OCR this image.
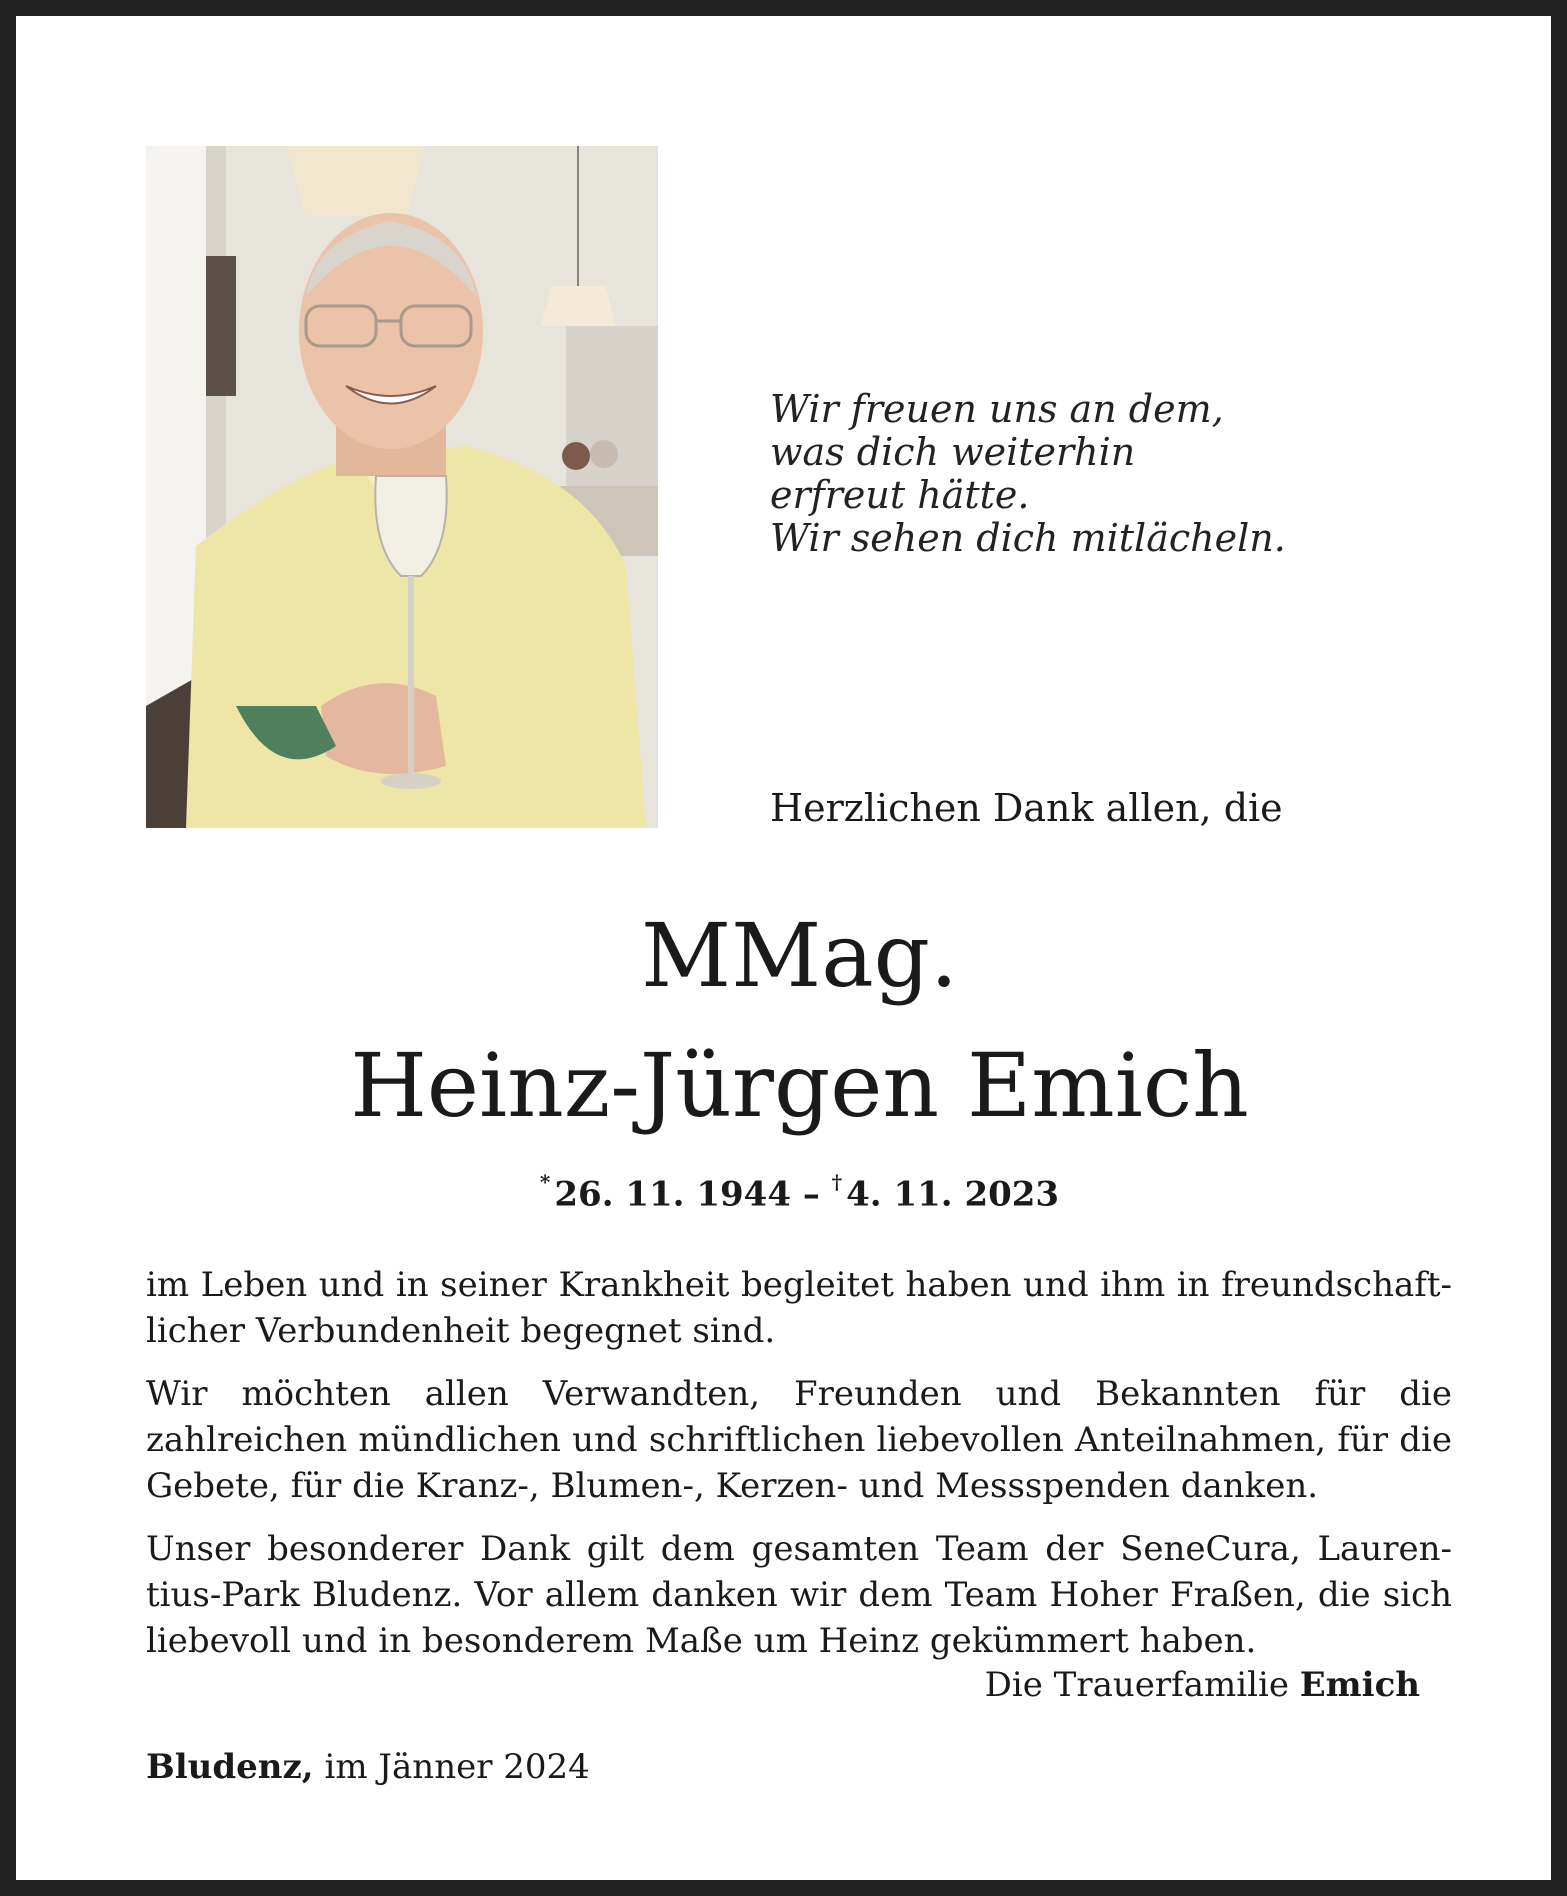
Wir freuen uns an dem,
was dich weiterhin
erfreut hätte.
Wir sehen dich mitlächeln.
Herzlichen Dank allen, die
MMag.
Heinz-Jürgen Emich
* 26. 11. 1944 – † 4. 11. 2023

im Leben und in seiner Krankheit begleitet haben und ihm in freundschaft-licher Verbundenheit begegnet sind.

Wir möchten allen Verwandten, Freunden und Bekannten für die zahlreichen mündlichen und schriftlichen liebevollen Anteilnahmen, für die Gebete, für die Kranz-, Blumen-, Kerzen- und Messspenden danken.

Unser besonderer Dank gilt dem gesamten Team der SeneCura, Lauren-tius-Park Bludenz. Vor allem danken wir dem Team Hoher Fraßen, die sich liebevoll und in besonderem Maße um Heinz gekümmert haben.

Die Trauerfamilie Emich
Bludenz, im Jänner 2024
